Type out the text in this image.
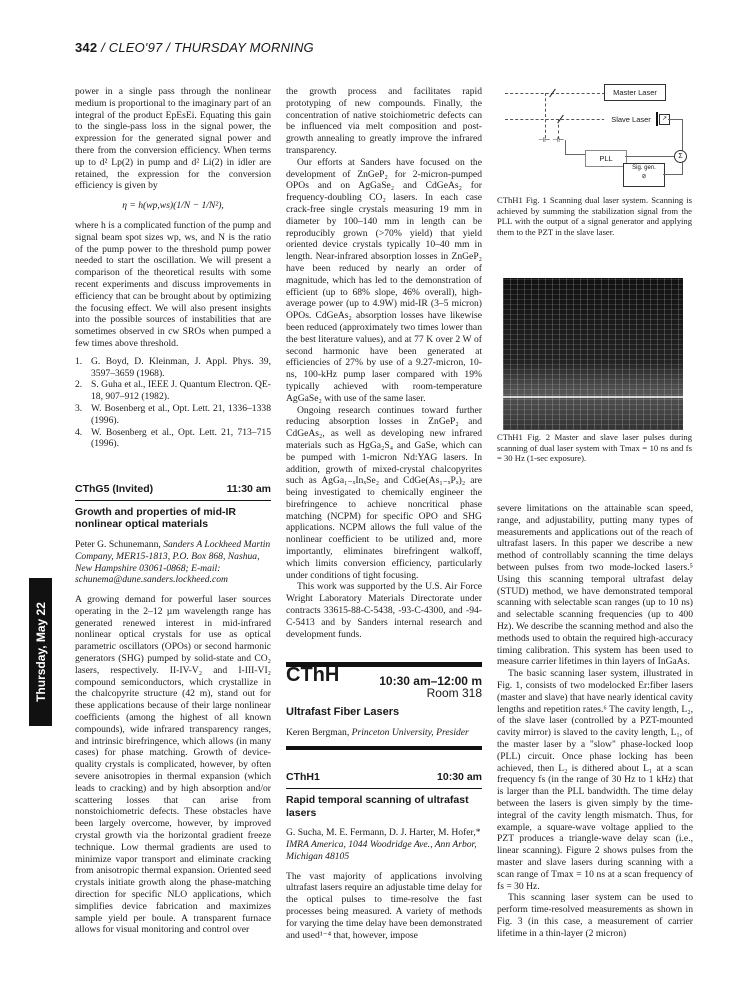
342 / CLEO'97 / THURSDAY MORNING
Thursday, May 22

power in a single pass through the nonlinear medium is proportional to the imaginary part of an integral of the product EpEsEi. Equating this gain to the single-pass loss in the signal power, the expression for the generated signal power and there from the conversion efficiency. When terms up to d² Lp(2) in pump and d² Li(2) in idler are retained, the expression for the conversion efficiency is given by

η = h(wp,ws)(1/N − 1/N²),

where h is a complicated function of the pump and signal beam spot sizes wp, ws, and N is the ratio of the pump power to the threshold pump power needed to start the oscillation. We will present a comparison of the theoretical results with some recent experiments and discuss improvements in efficiency that can be brought about by optimizing the focusing effect. We will also present insights into the possible sources of instabilities that are sometimes observed in cw SROs when pumped a few times above threshold.

1. G. Boyd, D. Kleinman, J. Appl. Phys. 39, 3597–3659 (1968).
2. S. Guha et al., IEEE J. Quantum Electron. QE-18, 907–912 (1982).
3. W. Bosenberg et al., Opt. Lett. 21, 1336–1338 (1996).
4. W. Bosenberg et al., Opt. Lett. 21, 713–715 (1996).
CThG5 (Invited)	11:30 am
Growth and properties of mid-IR nonlinear optical materials
Peter G. Schunemann, Sanders A Lockheed Martin Company, MER15-1813, P.O. Box 868, Nashua, New Hampshire 03061-0868; E-mail: schunema@dune.sanders.lockheed.com

A growing demand for powerful laser sources operating in the 2–12 µm wavelength range has generated renewed interest in mid-infrared nonlinear optical crystals for use as optical parametric oscillators (OPOs) or second harmonic generators (SHG) pumped by solid-state and CO₂ lasers, respectively. II-IV-V₂ and I-III-VI₂ compound semiconductors, which crystallize in the chalcopyrite structure (42 m), stand out for these applications because of their large nonlinear coefficients (among the highest of all known compounds), wide infrared transparency ranges, and intrinsic birefringence, which allows (in many cases) for phase matching. Growth of device-quality crystals is complicated, however, by often severe anisotropies in thermal expansion (which leads to cracking) and by high absorption and/or scattering losses that can arise from nonstoichiometric defects. These obstacles have been largely overcome, however, by improved crystal growth via the horizontal gradient freeze technique. Low thermal gradients are used to minimize vapor transport and eliminate cracking from anisotropic thermal expansion. Oriented seed crystals initiate growth along the phase-matching direction for specific NLO applications, which simplifies device fabrication and maximizes sample yield per boule. A transparent furnace allows for visual monitoring and control over

the growth process and facilitates rapid prototyping of new compounds. Finally, the concentration of native stoichiometric defects can be influenced via melt composition and post-growth annealing to greatly improve the infrared transparency.

Our efforts at Sanders have focused on the development of ZnGeP₂ for 2-micron-pumped OPOs and on AgGaSe₂ and CdGeAs₂ for frequency-doubling CO₂ lasers. In each case crack-free single crystals measuring 19 mm in diameter by 100–140 mm in length can be reproducibly grown (>70% yield) that yield oriented device crystals typically 10–40 mm in length. Near-infrared absorption losses in ZnGeP₂ have been reduced by nearly an order of magnitude, which has led to the demonstration of efficient (up to 68% slope, 46% overall), high-average power (up to 4.9W) mid-IR (3–5 micron) OPOs. CdGeAs₂ absorption losses have likewise been reduced (approximately two times lower than the best literature values), and at 77 K over 2 W of second harmonic have been generated at efficiencies of 27% by use of a 9.27-micron, 10-ns, 100-kHz pump laser compared with 19% typically achieved with room-temperature AgGaSe₂ with use of the same laser.

Ongoing research continues toward further reducing absorption losses in ZnGeP₂ and CdGeAs₂, as well as developing new infrared materials such as HgGa₂S₄ and GaSe, which can be pumped with 1-micron Nd:YAG lasers. In addition, growth of mixed-crystal chalcopyrites such as AgGa₁₋ₓInₓSe₂ and CdGe(As₁₋ₓPₓ)₂ are being investigated to chemically engineer the birefringence to achieve noncritical phase matching (NCPM) for specific OPO and SHG applications. NCPM allows the full value of the nonlinear coefficient to be utilized and, more importantly, eliminates birefringent walkoff, which limits conversion efficiency, particularly under conditions of tight focusing.

This work was supported by the U.S. Air Force Wright Laboratory Materials Directorate under contracts 33615-88-C-5438, -93-C-4300, and -94-C-5413 and by Sanders internal research and development funds.

CThH	10:30 am–12:00 m
Room 318
Ultrafast Fiber Lasers
Keren Bergman, Princeton University, Presider
CThH1	10:30 am
Rapid temporal scanning of ultrafast lasers
G. Sucha, M. E. Fermann, D. J. Harter, M. Hofer,* IMRA America, 1044 Woodridge Ave., Ann Arbor, Michigan 48105

The vast majority of applications involving ultrafast lasers require an adjustable time delay for the optical pulses to time-resolve the fast processes being measured. A variety of methods for varying the time delay have been demonstrated and used¹⁻⁴ that, however, impose

⊣⊢ ⊣⊢
Master Laser
Slave Laser	↗
PLL	Σ
Sig. gen.
⊘
CThH1 Fig. 1 Scanning dual laser system. Scanning is achieved by summing the stabilization signal from the PLL with the output of a signal generator and applying them to the PZT in the slave laser.
CThH1 Fig. 2 Master and slave laser pulses during scanning of dual laser system with Tmax = 10 ns and fs = 30 Hz (1-sec exposure).

severe limitations on the attainable scan speed, range, and adjustability, putting many types of measurements and applications out of the reach of ultrafast lasers. In this paper we describe a new method of controllably scanning the time delays between pulses from two mode-locked lasers.⁵ Using this scanning temporal ultrafast delay (STUD) method, we have demonstrated temporal scanning with selectable scan ranges (up to 10 ns) and selectable scanning frequencies (up to 400 Hz). We describe the scanning method and also the methods used to obtain the required high-accuracy timing calibration. This system has been used to measure carrier lifetimes in thin layers of InGaAs.

The basic scanning laser system, illustrated in Fig. 1, consists of two modelocked Er:fiber lasers (master and slave) that have nearly identical cavity lengths and repetition rates.⁶ The cavity length, L₂, of the slave laser (controlled by a PZT-mounted cavity mirror) is slaved to the cavity length, L₁, of the master laser by a "slow" phase-locked loop (PLL) circuit. Once phase locking has been achieved, then L₂ is dithered about L₁ at a scan frequency fs (in the range of 30 Hz to 1 kHz) that is larger than the PLL bandwidth. The time delay between the lasers is given simply by the time-integral of the cavity length mismatch. Thus, for example, a square-wave voltage applied to the PZT produces a triangle-wave delay scan (i.e., linear scanning). Figure 2 shows pulses from the master and slave lasers during scanning with a scan range of Tmax = 10 ns at a scan frequency of fs = 30 Hz.

This scanning laser system can be used to perform time-resolved measurements as shown in Fig. 3 (in this case, a measurement of carrier lifetime in a thin-layer (2 micron)
